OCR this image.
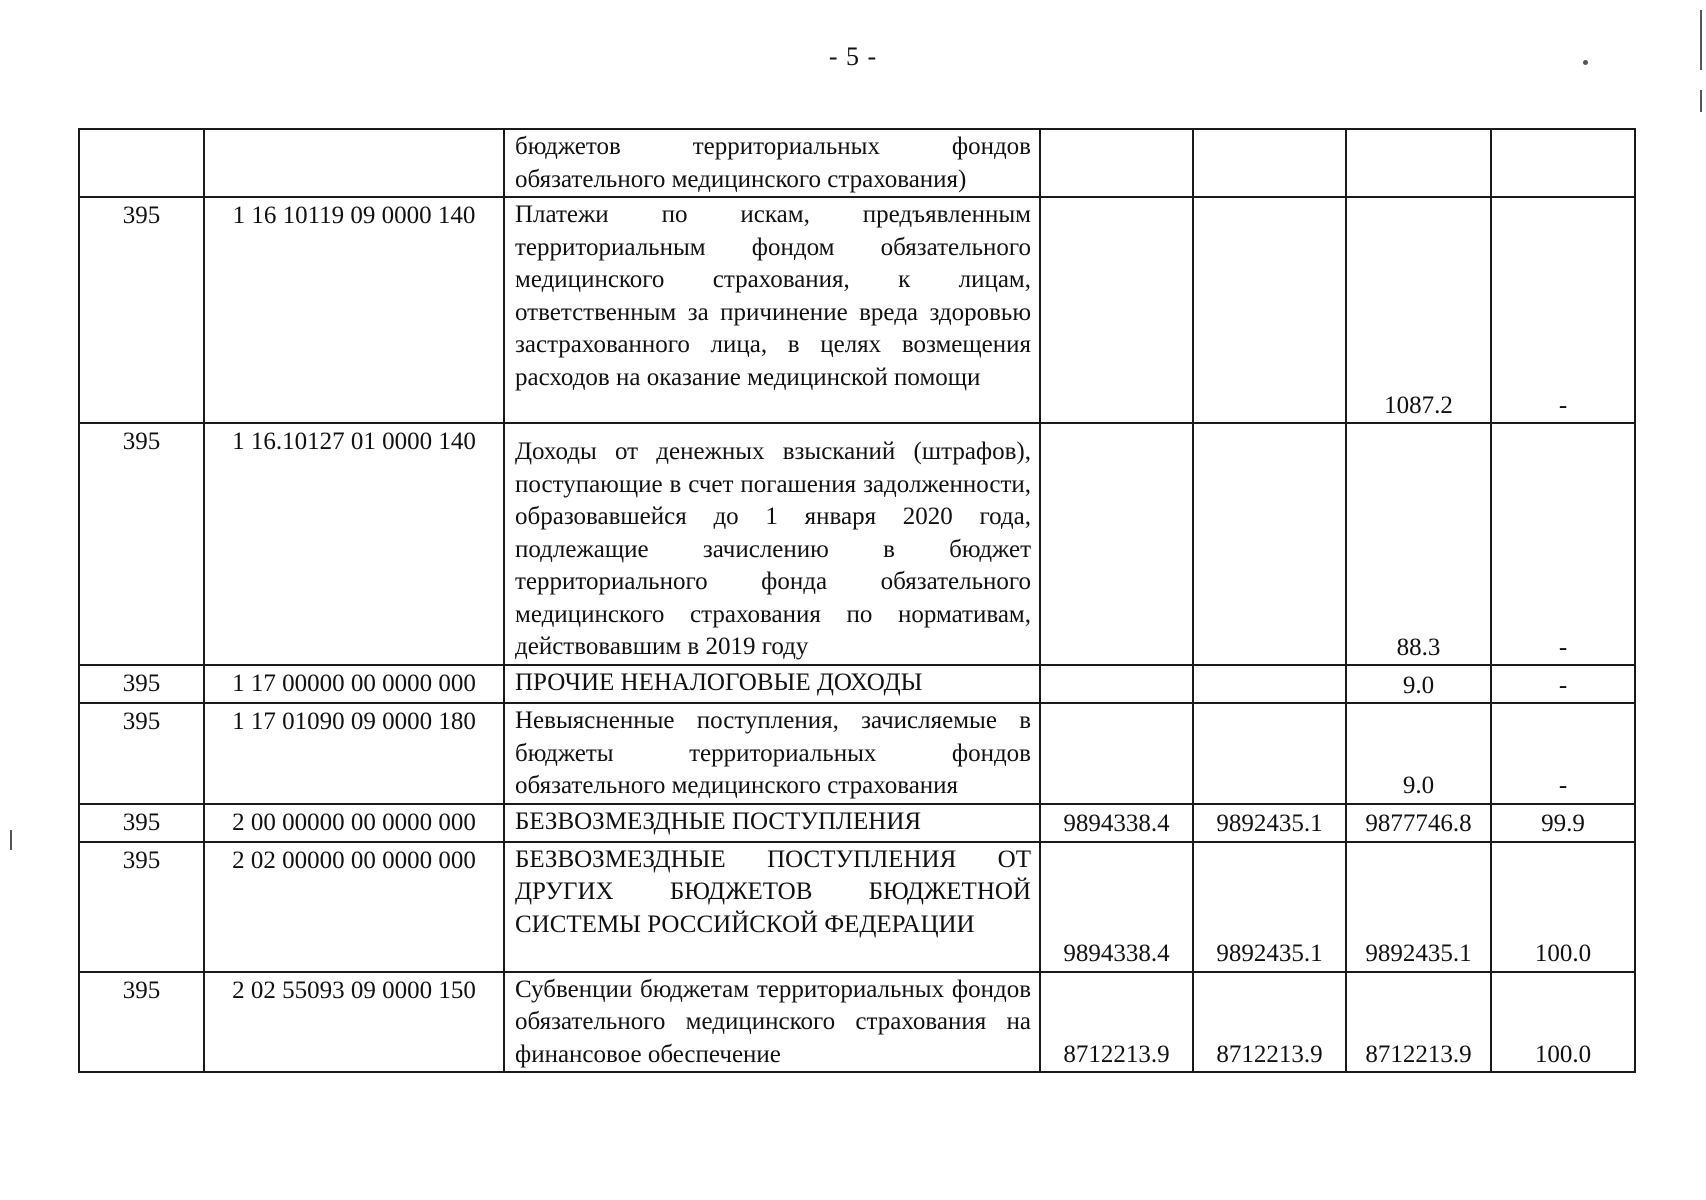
- 5 -
		бюджетов территориальных фондов обязательного медицинского страхования)				
395	1 16 10119 09 0000 140	Платежи по искам, предъявленным территориальным фондом обязательного медицинского страхования, к лицам, ответственным за причинение вреда здоровью застрахованного лица, в целях возмещения расходов на оказание медицинской помощи			1087.2	-
395	1 16.10127 01 0000 140	Доходы от денежных взысканий (штрафов), поступающие в счет погашения задолженности, образовавшейся до 1 января 2020 года, подлежащие зачислению в бюджет территориального фонда обязательного медицинского страхования по нормативам, действовавшим в 2019 году			88.3	-
395	1 17 00000 00 0000 000	ПРОЧИЕ НЕНАЛОГОВЫЕ ДОХОДЫ			9.0	-
395	1 17 01090 09 0000 180	Невыясненные поступления, зачисляемые в бюджеты территориальных фондов обязательного медицинского страхования			9.0	-
395	2 00 00000 00 0000 000	БЕЗВОЗМЕЗДНЫЕ ПОСТУПЛЕНИЯ	9894338.4	9892435.1	9877746.8	99.9
395	2 02 00000 00 0000 000	БЕЗВОЗМЕЗДНЫЕ ПОСТУПЛЕНИЯ ОТ ДРУГИХ БЮДЖЕТОВ БЮДЖЕТНОЙ СИСТЕМЫ РОССИЙСКОЙ ФЕДЕРАЦИИ	9894338.4	9892435.1	9892435.1	100.0
395	2 02 55093 09 0000 150	Субвенции бюджетам территориальных фондов обязательного медицинского страхования на финансовое обеспечение	8712213.9	8712213.9	8712213.9	100.0
